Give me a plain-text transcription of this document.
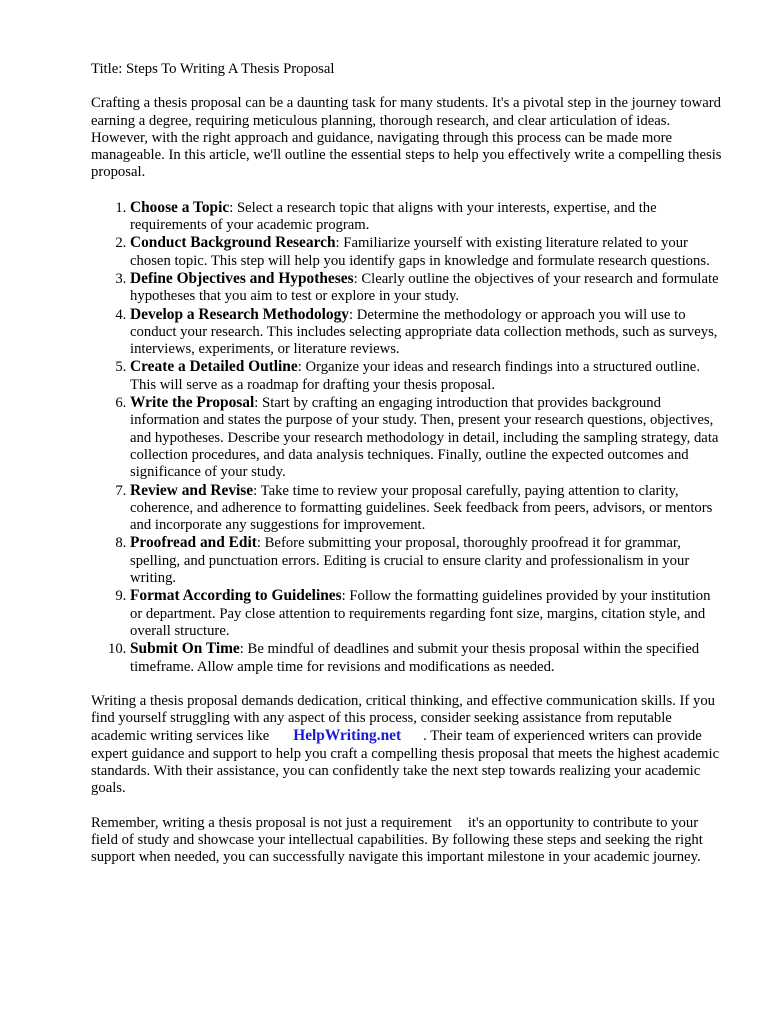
Title: Steps To Writing A Thesis Proposal

Crafting a thesis proposal can be a daunting task for many students. It's a pivotal step in the journey toward earning a degree, requiring meticulous planning, thorough research, and clear articulation of ideas. However, with the right approach and guidance, navigating through this process can be made more manageable. In this article, we'll outline the essential steps to help you effectively write a compelling thesis proposal.

1. Choose a Topic: Select a research topic that aligns with your interests, expertise, and the requirements of your academic program.
2. Conduct Background Research: Familiarize yourself with existing literature related to your chosen topic. This step will help you identify gaps in knowledge and formulate research questions.
3. Define Objectives and Hypotheses: Clearly outline the objectives of your research and formulate hypotheses that you aim to test or explore in your study.
4. Develop a Research Methodology: Determine the methodology or approach you will use to conduct your research. This includes selecting appropriate data collection methods, such as surveys, interviews, experiments, or literature reviews.
5. Create a Detailed Outline: Organize your ideas and research findings into a structured outline. This will serve as a roadmap for drafting your thesis proposal.
6. Write the Proposal: Start by crafting an engaging introduction that provides background information and states the purpose of your study. Then, present your research questions, objectives, and hypotheses. Describe your research methodology in detail, including the sampling strategy, data collection procedures, and data analysis techniques. Finally, outline the expected outcomes and significance of your study.
7. Review and Revise: Take time to review your proposal carefully, paying attention to clarity, coherence, and adherence to formatting guidelines. Seek feedback from peers, advisors, or mentors and incorporate any suggestions for improvement.
8. Proofread and Edit: Before submitting your proposal, thoroughly proofread it for grammar, spelling, and punctuation errors. Editing is crucial to ensure clarity and professionalism in your writing.
9. Format According to Guidelines: Follow the formatting guidelines provided by your institution or department. Pay close attention to requirements regarding font size, margins, citation style, and overall structure.
10. Submit On Time: Be mindful of deadlines and submit your thesis proposal within the specified timeframe. Allow ample time for revisions and modifications as needed.

Writing a thesis proposal demands dedication, critical thinking, and effective communication skills. If you find yourself struggling with any aspect of this process, consider seeking assistance from reputable academic writing services like HelpWriting.net . Their team of experienced writers can provide expert guidance and support to help you craft a compelling thesis proposal that meets the highest academic standards. With their assistance, you can confidently take the next step towards realizing your academic goals.

Remember, writing a thesis proposal is not just a requirement it's an opportunity to contribute to your field of study and showcase your intellectual capabilities. By following these steps and seeking the right support when needed, you can successfully navigate this important milestone in your academic journey.
